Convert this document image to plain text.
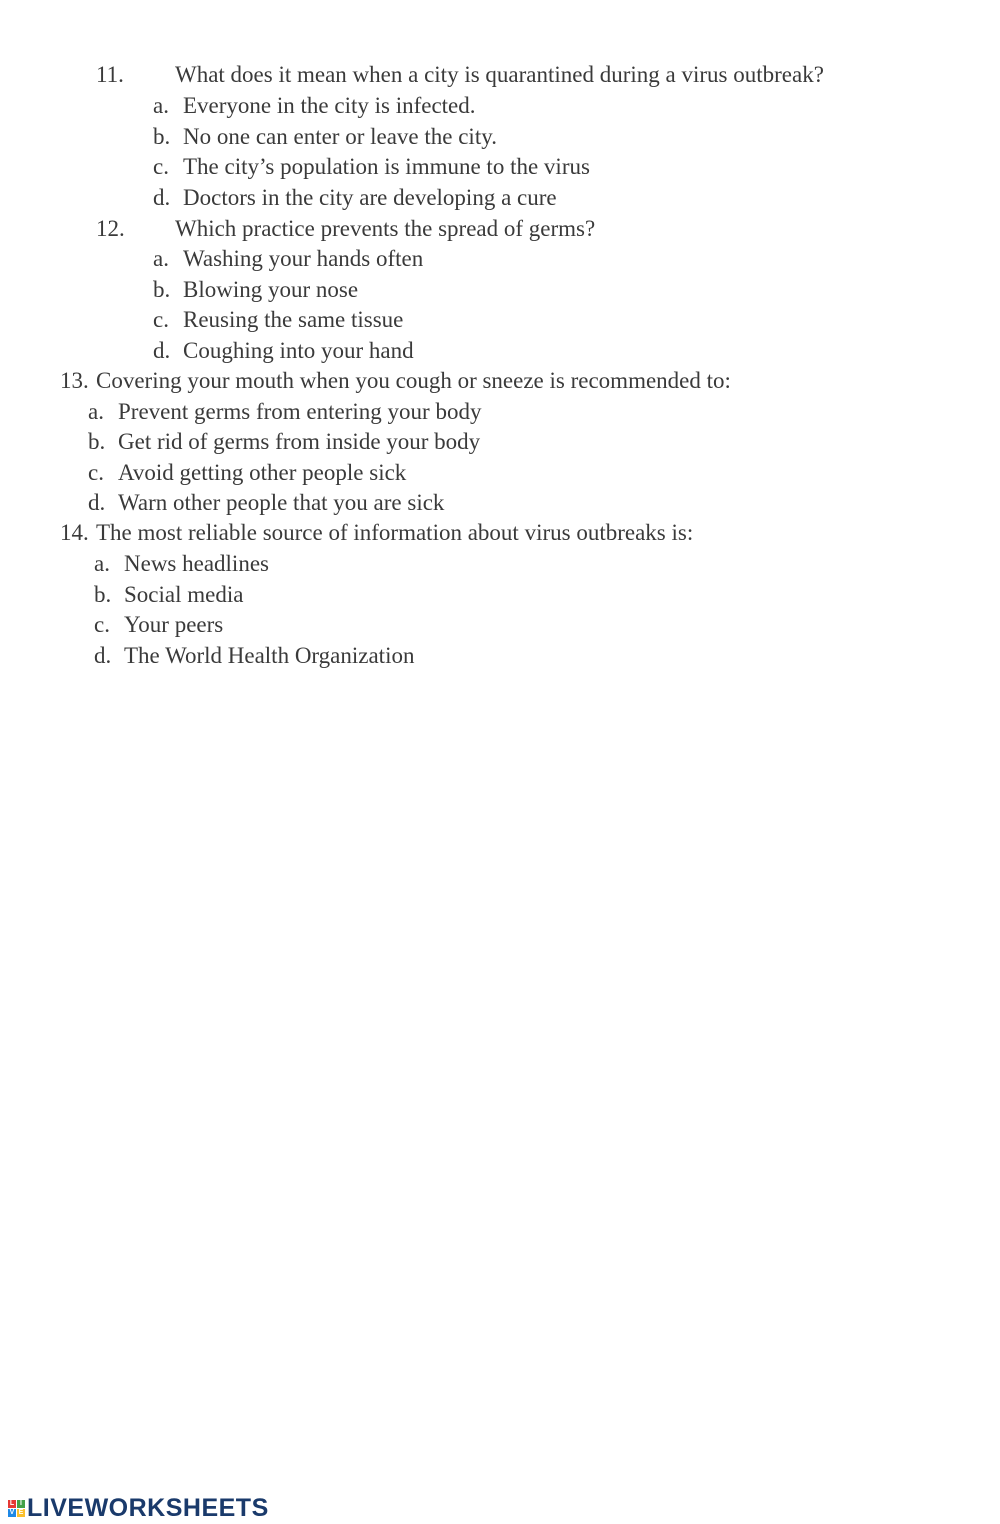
11. What does it mean when a city is quarantined during a virus outbreak?
a. Everyone in the city is infected.
b. No one can enter or leave the city.
c. The city’s population is immune to the virus
d. Doctors in the city are developing a cure
12. Which practice prevents the spread of germs?
a. Washing your hands often
b. Blowing your nose
c. Reusing the same tissue
d. Coughing into your hand
13. Covering your mouth when you cough or sneeze is recommended to:
a. Prevent germs from entering your body
b. Get rid of germs from inside your body
c. Avoid getting other people sick
d. Warn other people that you are sick
14. The most reliable source of information about virus outbreaks is:
a. News headlines
b. Social media
c. Your peers
d. The World Health Organization
L I
V E LIVEWORKSHEETS
